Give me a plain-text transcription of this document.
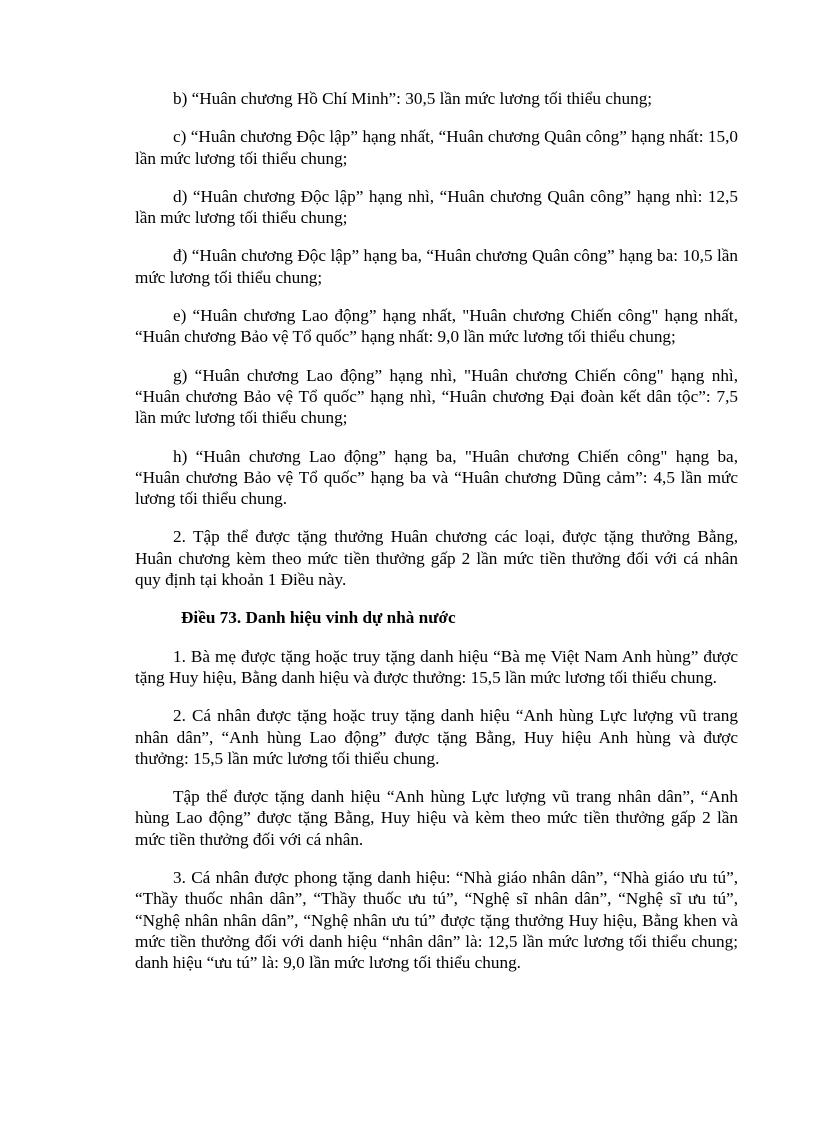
b) “Huân chương Hồ Chí Minh”: 30,5 lần mức lương tối thiểu chung;

c) “Huân chương Độc lập” hạng nhất, “Huân chương Quân công” hạng nhất: 15,0 lần mức lương tối thiểu chung;

d) “Huân chương Độc lập” hạng nhì, “Huân chương Quân công” hạng nhì: 12,5 lần mức lương tối thiểu chung;

đ) “Huân chương Độc lập” hạng ba, “Huân chương Quân công” hạng ba: 10,5 lần mức lương tối thiểu chung;

e) “Huân chương Lao động” hạng nhất, "Huân chương Chiến công" hạng nhất, “Huân chương Bảo vệ Tổ quốc” hạng nhất: 9,0 lần mức lương tối thiểu chung;

g) “Huân chương Lao động” hạng nhì, "Huân chương Chiến công" hạng nhì, “Huân chương Bảo vệ Tổ quốc” hạng nhì, “Huân chương Đại đoàn kết dân tộc”: 7,5 lần mức lương tối thiểu chung;

h) “Huân chương Lao động” hạng ba, "Huân chương Chiến công" hạng ba, “Huân chương Bảo vệ Tổ quốc” hạng ba và “Huân chương Dũng cảm”: 4,5 lần mức lương tối thiểu chung.

2. Tập thể được tặng thưởng Huân chương các loại, được tặng thưởng Bằng, Huân chương kèm theo mức tiền thưởng gấp 2 lần mức tiền thưởng đối với cá nhân quy định tại khoản 1 Điều này.

Điều 73. Danh hiệu vinh dự nhà nước

1. Bà mẹ được tặng hoặc truy tặng danh hiệu “Bà mẹ Việt Nam Anh hùng” được tặng Huy hiệu, Bằng danh hiệu và được thưởng: 15,5 lần mức lương tối thiểu chung.

2. Cá nhân được tặng hoặc truy tặng danh hiệu “Anh hùng Lực lượng vũ trang nhân dân”, “Anh hùng Lao động” được tặng Bằng, Huy hiệu Anh hùng và được thưởng: 15,5 lần mức lương tối thiểu chung.

Tập thể được tặng danh hiệu “Anh hùng Lực lượng vũ trang nhân dân”, “Anh hùng Lao động” được tặng Bằng, Huy hiệu và kèm theo mức tiền thưởng gấp 2 lần mức tiền thưởng đối với cá nhân.

3. Cá nhân được phong tặng danh hiệu: “Nhà giáo nhân dân”, “Nhà giáo ưu tú”, “Thầy thuốc nhân dân”, “Thầy thuốc ưu tú”, “Nghệ sĩ nhân dân”, “Nghệ sĩ ưu tú”, “Nghệ nhân nhân dân”, “Nghệ nhân ưu tú” được tặng thưởng Huy hiệu, Bằng khen và mức tiền thưởng đối với danh hiệu “nhân dân” là: 12,5 lần mức lương tối thiểu chung; danh hiệu “ưu tú” là: 9,0 lần mức lương tối thiểu chung.
